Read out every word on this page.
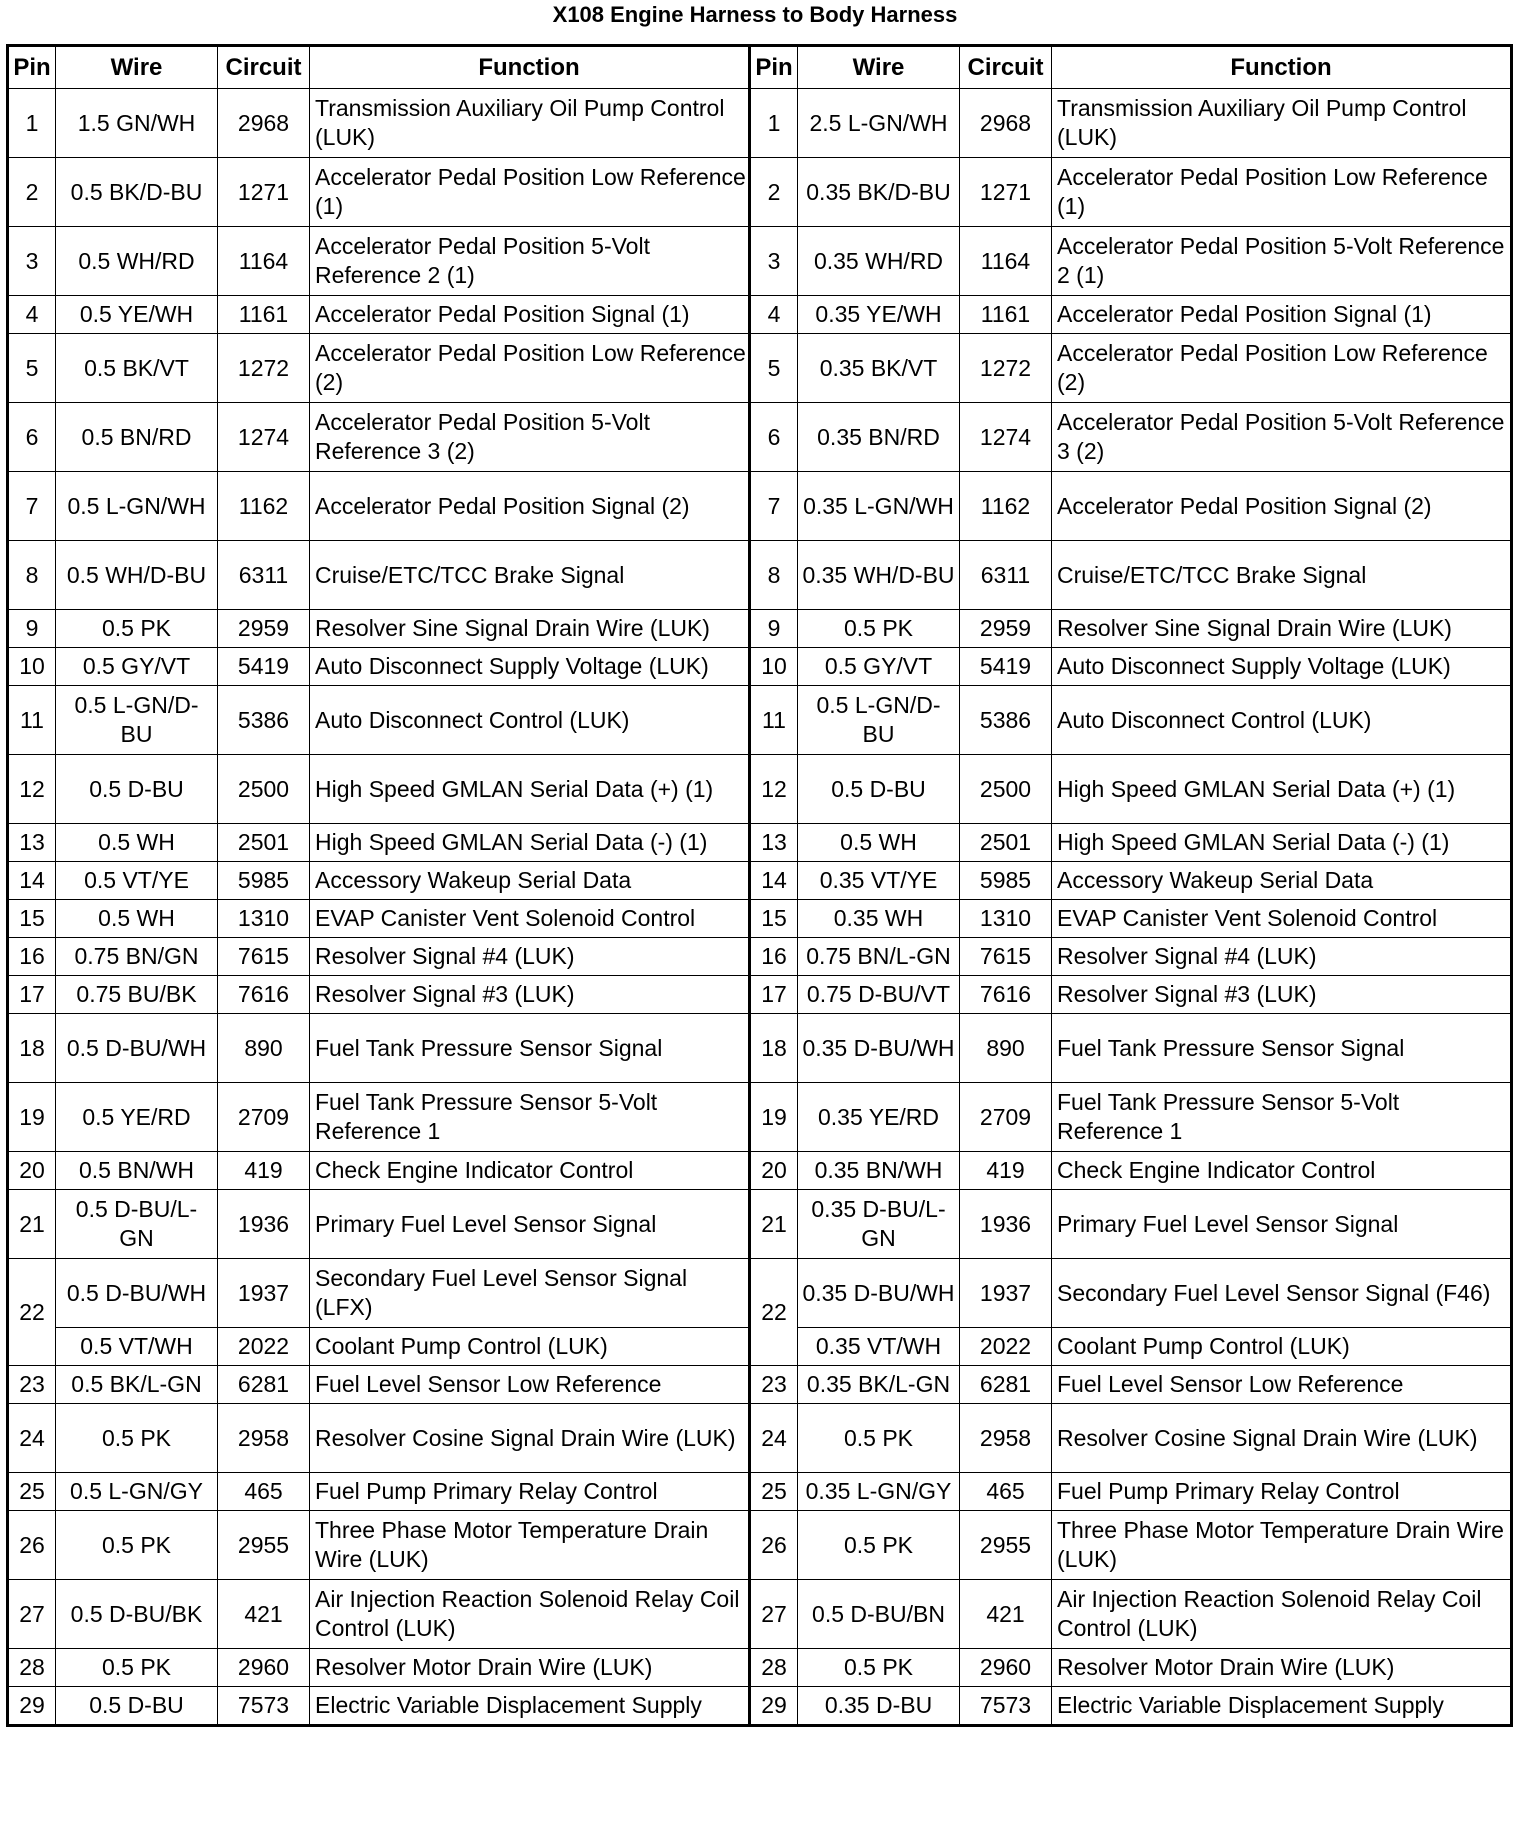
X108 Engine Harness to Body Harness
Pin	Wire	Circuit	Function	Pin	Wire	Circuit	Function
1	1.5 GN/WH	2968	Transmission Auxiliary Oil Pump Control (LUK)	1	2.5 L-GN/WH	2968	Transmission Auxiliary Oil Pump Control (LUK)
2	0.5 BK/D-BU	1271	Accelerator Pedal Position Low Reference (1)	2	0.35 BK/D-BU	1271	Accelerator Pedal Position Low Reference (1)
3	0.5 WH/RD	1164	Accelerator Pedal Position 5-Volt Reference 2 (1)	3	0.35 WH/RD	1164	Accelerator Pedal Position 5-Volt Reference 2 (1)
4	0.5 YE/WH	1161	Accelerator Pedal Position Signal (1)	4	0.35 YE/WH	1161	Accelerator Pedal Position Signal (1)
5	0.5 BK/VT	1272	Accelerator Pedal Position Low Reference (2)	5	0.35 BK/VT	1272	Accelerator Pedal Position Low Reference (2)
6	0.5 BN/RD	1274	Accelerator Pedal Position 5-Volt Reference 3 (2)	6	0.35 BN/RD	1274	Accelerator Pedal Position 5-Volt Reference 3 (2)
7	0.5 L-GN/WH	1162	Accelerator Pedal Position Signal (2)	7	0.35 L-GN/WH	1162	Accelerator Pedal Position Signal (2)
8	0.5 WH/D-BU	6311	Cruise/ETC/TCC Brake Signal	8	0.35 WH/D-BU	6311	Cruise/ETC/TCC Brake Signal
9	0.5 PK	2959	Resolver Sine Signal Drain Wire (LUK)	9	0.5 PK	2959	Resolver Sine Signal Drain Wire (LUK)
10	0.5 GY/VT	5419	Auto Disconnect Supply Voltage (LUK)	10	0.5 GY/VT	5419	Auto Disconnect Supply Voltage (LUK)
11	0.5 L-GN/D-BU	5386	Auto Disconnect Control (LUK)	11	0.5 L-GN/D-BU	5386	Auto Disconnect Control (LUK)
12	0.5 D-BU	2500	High Speed GMLAN Serial Data (+) (1)	12	0.5 D-BU	2500	High Speed GMLAN Serial Data (+) (1)
13	0.5 WH	2501	High Speed GMLAN Serial Data (-) (1)	13	0.5 WH	2501	High Speed GMLAN Serial Data (-) (1)
14	0.5 VT/YE	5985	Accessory Wakeup Serial Data	14	0.35 VT/YE	5985	Accessory Wakeup Serial Data
15	0.5 WH	1310	EVAP Canister Vent Solenoid Control	15	0.35 WH	1310	EVAP Canister Vent Solenoid Control
16	0.75 BN/GN	7615	Resolver Signal #4 (LUK)	16	0.75 BN/L-GN	7615	Resolver Signal #4 (LUK)
17	0.75 BU/BK	7616	Resolver Signal #3 (LUK)	17	0.75 D-BU/VT	7616	Resolver Signal #3 (LUK)
18	0.5 D-BU/WH	890	Fuel Tank Pressure Sensor Signal	18	0.35 D-BU/WH	890	Fuel Tank Pressure Sensor Signal
19	0.5 YE/RD	2709	Fuel Tank Pressure Sensor 5-Volt Reference 1	19	0.35 YE/RD	2709	Fuel Tank Pressure Sensor 5-Volt Reference 1
20	0.5 BN/WH	419	Check Engine Indicator Control	20	0.35 BN/WH	419	Check Engine Indicator Control
21	0.5 D-BU/L-GN	1936	Primary Fuel Level Sensor Signal	21	0.35 D-BU/L-GN	1936	Primary Fuel Level Sensor Signal
22	0.5 D-BU/WH	1937	Secondary Fuel Level Sensor Signal (LFX)	22	0.35 D-BU/WH	1937	Secondary Fuel Level Sensor Signal (F46)
	0.5 VT/WH	2022	Coolant Pump Control (LUK)		0.35 VT/WH	2022	Coolant Pump Control (LUK)
23	0.5 BK/L-GN	6281	Fuel Level Sensor Low Reference	23	0.35 BK/L-GN	6281	Fuel Level Sensor Low Reference
24	0.5 PK	2958	Resolver Cosine Signal Drain Wire (LUK)	24	0.5 PK	2958	Resolver Cosine Signal Drain Wire (LUK)
25	0.5 L-GN/GY	465	Fuel Pump Primary Relay Control	25	0.35 L-GN/GY	465	Fuel Pump Primary Relay Control
26	0.5 PK	2955	Three Phase Motor Temperature Drain Wire (LUK)	26	0.5 PK	2955	Three Phase Motor Temperature Drain Wire (LUK)
27	0.5 D-BU/BK	421	Air Injection Reaction Solenoid Relay Coil Control (LUK)	27	0.5 D-BU/BN	421	Air Injection Reaction Solenoid Relay Coil Control (LUK)
28	0.5 PK	2960	Resolver Motor Drain Wire (LUK)	28	0.5 PK	2960	Resolver Motor Drain Wire (LUK)
29	0.5 D-BU	7573	Electric Variable Displacement Supply	29	0.35 D-BU	7573	Electric Variable Displacement Supply
